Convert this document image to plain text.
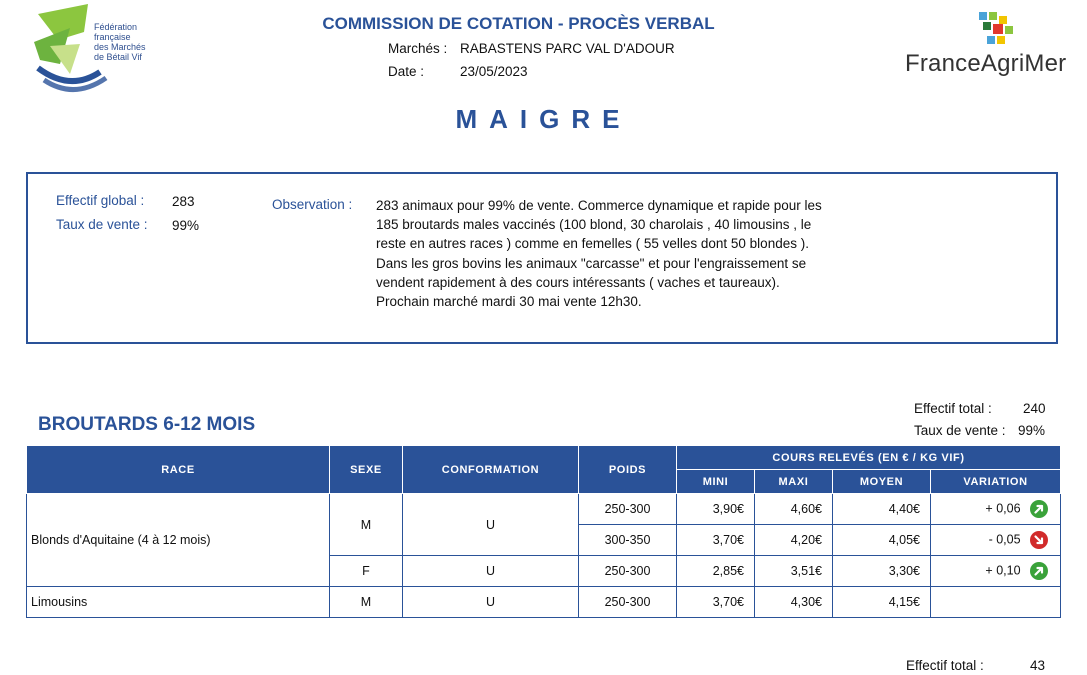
Fédération
française
des Marchés
de Bétail Vif
COMMISSION DE COTATION - PROCÈS VERBAL
Marchés : RABASTENS PARC VAL D'ADOUR
Date :	23/05/2023	FranceAgriMer
MAIGRE
Effectif global : 283
Taux de vente : 99%
Observation : 283 animaux pour 99% de vente. Commerce dynamique et rapide pour les 185 broutards males vaccinés (100 blond, 30 charolais , 40 limousins , le reste en autres races ) comme en femelles ( 55 velles dont 50 blondes ). Dans les gros bovins les animaux "carcasse" et pour l'engraissement se vendent rapidement à des cours intéressants ( vaches et taureaux). Prochain marché mardi 30 mai vente 12h30.
BROUTARDS 6-12 MOIS
Effectif total : 240
Taux de vente : 99%
RACE	SEXE	CONFORMATION	POIDS	COURS RELEVÉS (EN € / KG VIF)			
				MINI	MAXI	MOYEN	VARIATION
Blonds d'Aquitaine (4 à 12 mois)	M	U	250-300	3,90€	4,60€	4,40€	+ 0,06
			300-350	3,70€	4,20€	4,05€	- 0,05
	F	U	250-300	2,85€	3,51€	3,30€	+ 0,10
Limousins	M	U	250-300	3,70€	4,30€	4,15€	
Effectif total :	43
